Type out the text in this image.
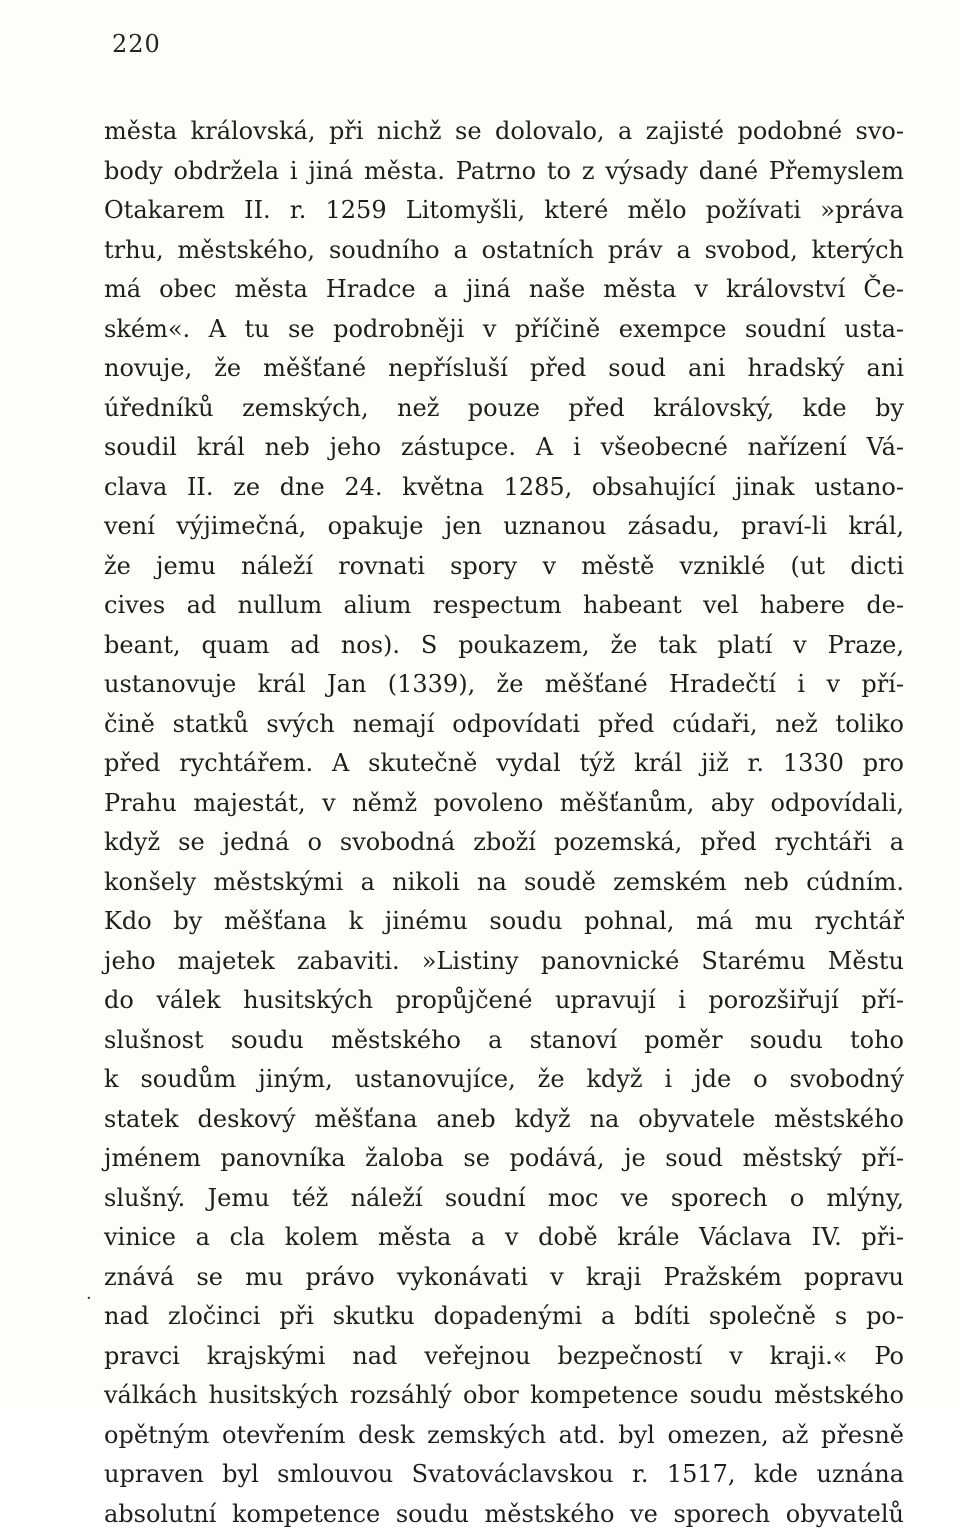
220
města královská, při nichž se dolovalo, a zajisté podobné svo-
body obdržela i jiná města. Patrno to z výsady dané Přemyslem
Otakarem II. r. 1259 Litomyšli, které mělo požívati »práva
trhu, městského, soudního a ostatních práv a svobod, kterých
má obec města Hradce a jiná naše města v království Če-
ském«. A tu se podrobněji v příčině exempce soudní usta-
novuje, že měšťané nepřísluší před soud ani hradský ani
úředníků zemských, než pouze před královský, kde by
soudil král neb jeho zástupce. A i všeobecné nařízení Vá-
clava II. ze dne 24. května 1285, obsahující jinak ustano-
vení výjimečná, opakuje jen uznanou zásadu, praví-li král,
že jemu náleží rovnati spory v městě vzniklé (ut dicti
cives ad nullum alium respectum habeant vel habere de-
beant, quam ad nos). S poukazem, že tak platí v Praze,
ustanovuje král Jan (1339), že měšťané Hradečtí i v pří-
čině statků svých nemají odpovídati před cúdaři, než toliko
před rychtářem. A skutečně vydal týž král již r. 1330 pro
Prahu majestát, v němž povoleno měšťanům, aby odpovídali,
když se jedná o svobodná zboží pozemská, před rychtáři a
konšely městskými a nikoli na soudě zemském neb cúdním.
Kdo by měšťana k jinému soudu pohnal, má mu rychtář
jeho majetek zabaviti. »Listiny panovnické Starému Městu
do válek husitských propůjčené upravují i porozšiřují pří-
slušnost soudu městského a stanoví poměr soudu toho
k soudům jiným, ustanovujíce, že když i jde o svobodný
statek deskový měšťana aneb když na obyvatele městského
jménem panovníka žaloba se podává, je soud městský pří-
slušný. Jemu též náleží soudní moc ve sporech o mlýny,
vinice a cla kolem města a v době krále Václava IV. při-
znává se mu právo vykonávati v kraji Pražském popravu
nad zločinci při skutku dopadenými a bdíti společně s po-
pravci krajskými nad veřejnou bezpečností v kraji.« Po
válkách husitských rozsáhlý obor kompetence soudu městského
opětným otevřením desk zemských atd. byl omezen, až přesně
upraven byl smlouvou Svatováclavskou r. 1517, kde uznána
absolutní kompetence soudu městského ve sporech obyvatelů
·
